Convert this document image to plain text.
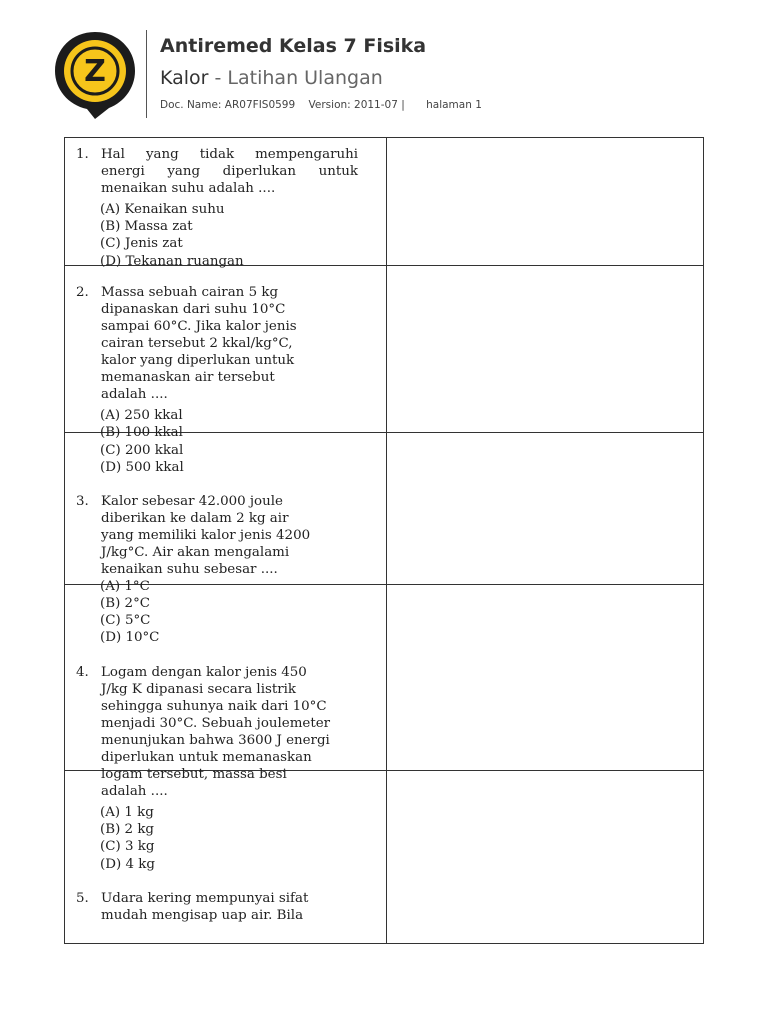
Z
Antiremed Kelas 7 Fisika
Kalor - Latihan Ulangan
Doc. Name: AR07FIS0599 Version: 2011-07 | halaman 1
1. Hal yang tidak mempengaruhi
energi yang diperlukan untuk
menaikan suhu adalah ....
(A) Kenaikan suhu
(B) Massa zat
(C) Jenis zat
(D) Tekanan ruangan
2. Massa sebuah cairan 5 kg
dipanaskan dari suhu 10°C
sampai 60°C. Jika kalor jenis
cairan tersebut 2 kkal/kg°C,
kalor yang diperlukan untuk
memanaskan air tersebut
adalah ....
(A) 250 kkal
(B) 100 kkal
(C) 200 kkal
(D) 500 kkal
3. Kalor sebesar 42.000 joule
diberikan ke dalam 2 kg air
yang memiliki kalor jenis 4200
J/kg°C. Air akan mengalami
kenaikan suhu sebesar ....
(A) 1°C
(B) 2°C
(C) 5°C
(D) 10°C
4. Logam dengan kalor jenis 450
J/kg K dipanasi secara listrik
sehingga suhunya naik dari 10°C
menjadi 30°C. Sebuah joulemeter
menunjukan bahwa 3600 J energi
diperlukan untuk memanaskan
logam tersebut, massa besi
adalah ....
(A) 1 kg
(B) 2 kg
(C) 3 kg
(D) 4 kg
5. Udara kering mempunyai sifat
mudah mengisap uap air. Bila
